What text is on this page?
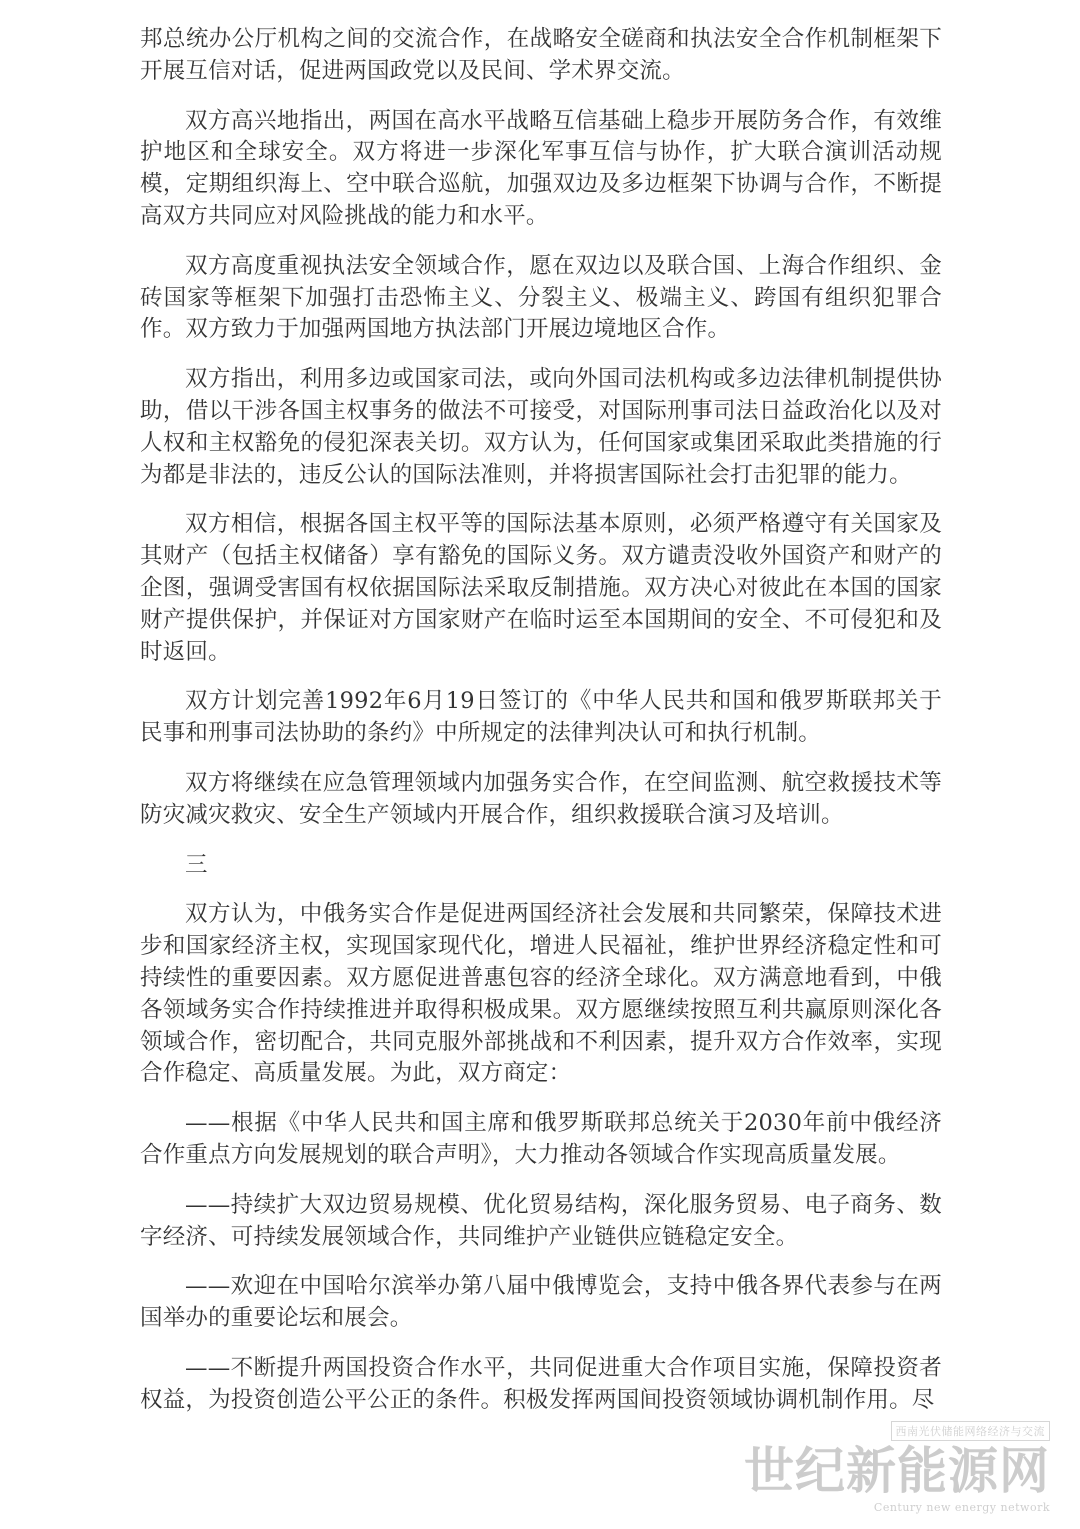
邦总统办公厅机构之间的交流合作，在战略安全磋商和执法安全合作机制框架下开展互信对话，促进两国政党以及民间、学术界交流。

双方高兴地指出，两国在高水平战略互信基础上稳步开展防务合作，有效维护地区和全球安全。双方将进一步深化军事互信与协作，扩大联合演训活动规模，定期组织海上、空中联合巡航，加强双边及多边框架下协调与合作，不断提高双方共同应对风险挑战的能力和水平。

双方高度重视执法安全领域合作，愿在双边以及联合国、上海合作组织、金砖国家等框架下加强打击恐怖主义、分裂主义、极端主义、跨国有组织犯罪合作。双方致力于加强两国地方执法部门开展边境地区合作。

双方指出，利用多边或国家司法，或向外国司法机构或多边法律机制提供协助，借以干涉各国主权事务的做法不可接受，对国际刑事司法日益政治化以及对人权和主权豁免的侵犯深表关切。双方认为，任何国家或集团采取此类措施的行为都是非法的，违反公认的国际法准则，并将损害国际社会打击犯罪的能力。

双方相信，根据各国主权平等的国际法基本原则，必须严格遵守有关国家及其财产（包括主权储备）享有豁免的国际义务。双方谴责没收外国资产和财产的企图，强调受害国有权依据国际法采取反制措施。双方决心对彼此在本国的国家财产提供保护，并保证对方国家财产在临时运至本国期间的安全、不可侵犯和及时返回。

双方计划完善1992年6月19日签订的《中华人民共和国和俄罗斯联邦关于民事和刑事司法协助的条约》中所规定的法律判决认可和执行机制。

双方将继续在应急管理领域内加强务实合作，在空间监测、航空救援技术等防灾减灾救灾、安全生产领域内开展合作，组织救援联合演习及培训。

三

双方认为，中俄务实合作是促进两国经济社会发展和共同繁荣，保障技术进步和国家经济主权，实现国家现代化，增进人民福祉，维护世界经济稳定性和可持续性的重要因素。双方愿促进普惠包容的经济全球化。双方满意地看到，中俄各领域务实合作持续推进并取得积极成果。双方愿继续按照互利共赢原则深化各领域合作，密切配合，共同克服外部挑战和不利因素，提升双方合作效率，实现合作稳定、高质量发展。为此，双方商定：

——根据《中华人民共和国主席和俄罗斯联邦总统关于2030年前中俄经济合作重点方向发展规划的联合声明》，大力推动各领域合作实现高质量发展。

——持续扩大双边贸易规模、优化贸易结构，深化服务贸易、电子商务、数字经济、可持续发展领域合作，共同维护产业链供应链稳定安全。

——欢迎在中国哈尔滨举办第八届中俄博览会，支持中俄各界代表参与在两国举办的重要论坛和展会。

——不断提升两国投资合作水平，共同促进重大合作项目实施，保障投资者权益，为投资创造公平公正的条件。积极发挥两国间投资领域协调机制作用。尽

西南光伏储能网络经济与交流
世纪新能源网
Century new energy network
